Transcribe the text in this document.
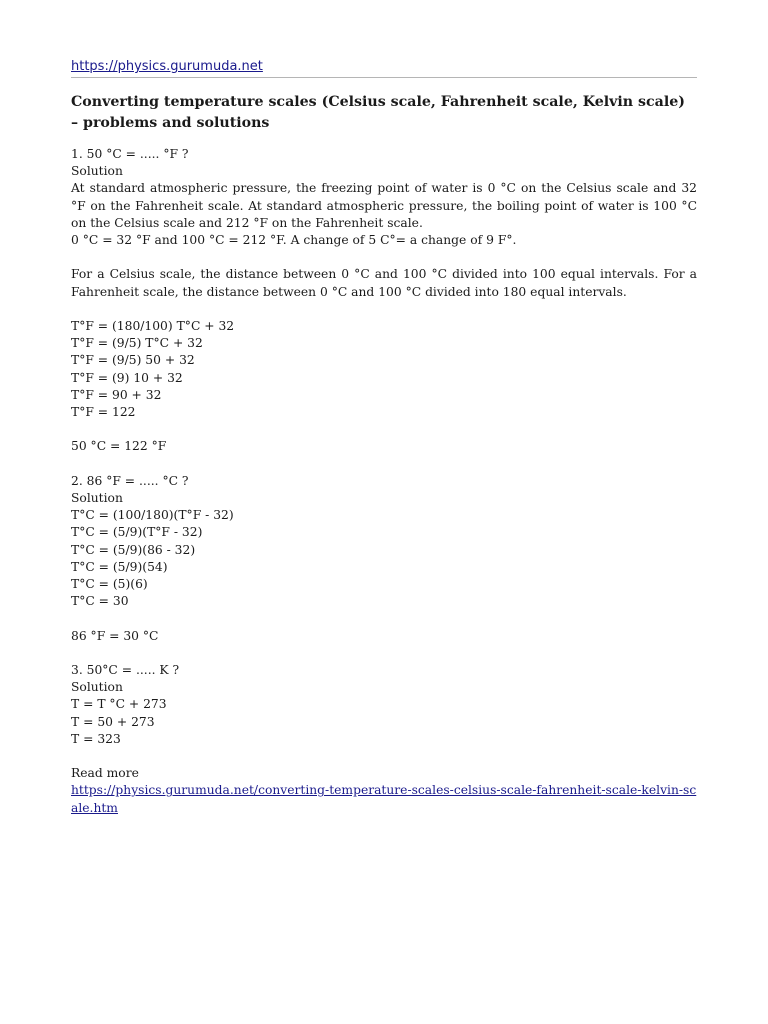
https://physics.gurumuda.net
Converting temperature scales (Celsius scale, Fahrenheit scale, Kelvin scale) – problems and solutions
1. 50 °C = ..... °F ?
Solution
At standard atmospheric pressure, the freezing point of water is 0 °C on the Celsius scale and 32 °F on the Fahrenheit scale. At standard atmospheric pressure, the boiling point of water is 100 °C on the Celsius scale and 212 °F on the Fahrenheit scale.
0 °C = 32 °F and 100 °C = 212 °F. A change of 5 C°= a change of 9 F°.
For a Celsius scale, the distance between 0 °C and 100 °C divided into 100 equal intervals. For a Fahrenheit scale, the distance between 0 °C and 100 °C divided into 180 equal intervals.
T°F = (180/100) T°C + 32
T°F = (9/5) T°C + 32
T°F = (9/5) 50 + 32
T°F = (9) 10 + 32
T°F = 90 + 32
T°F = 122
50 °C = 122 °F
2. 86 °F = ..... °C ?
Solution
T°C = (100/180)(T°F - 32)
T°C = (5/9)(T°F - 32)
T°C = (5/9)(86 - 32)
T°C = (5/9)(54)
T°C = (5)(6)
T°C = 30
86 °F = 30 °C
3. 50°C = ..... K ?
Solution
T = T °C + 273
T = 50 + 273
T = 323
Read more
https://physics.gurumuda.net/converting-temperature-scales-celsius-scale-fahrenheit-scale-kelvin-scale.htm
